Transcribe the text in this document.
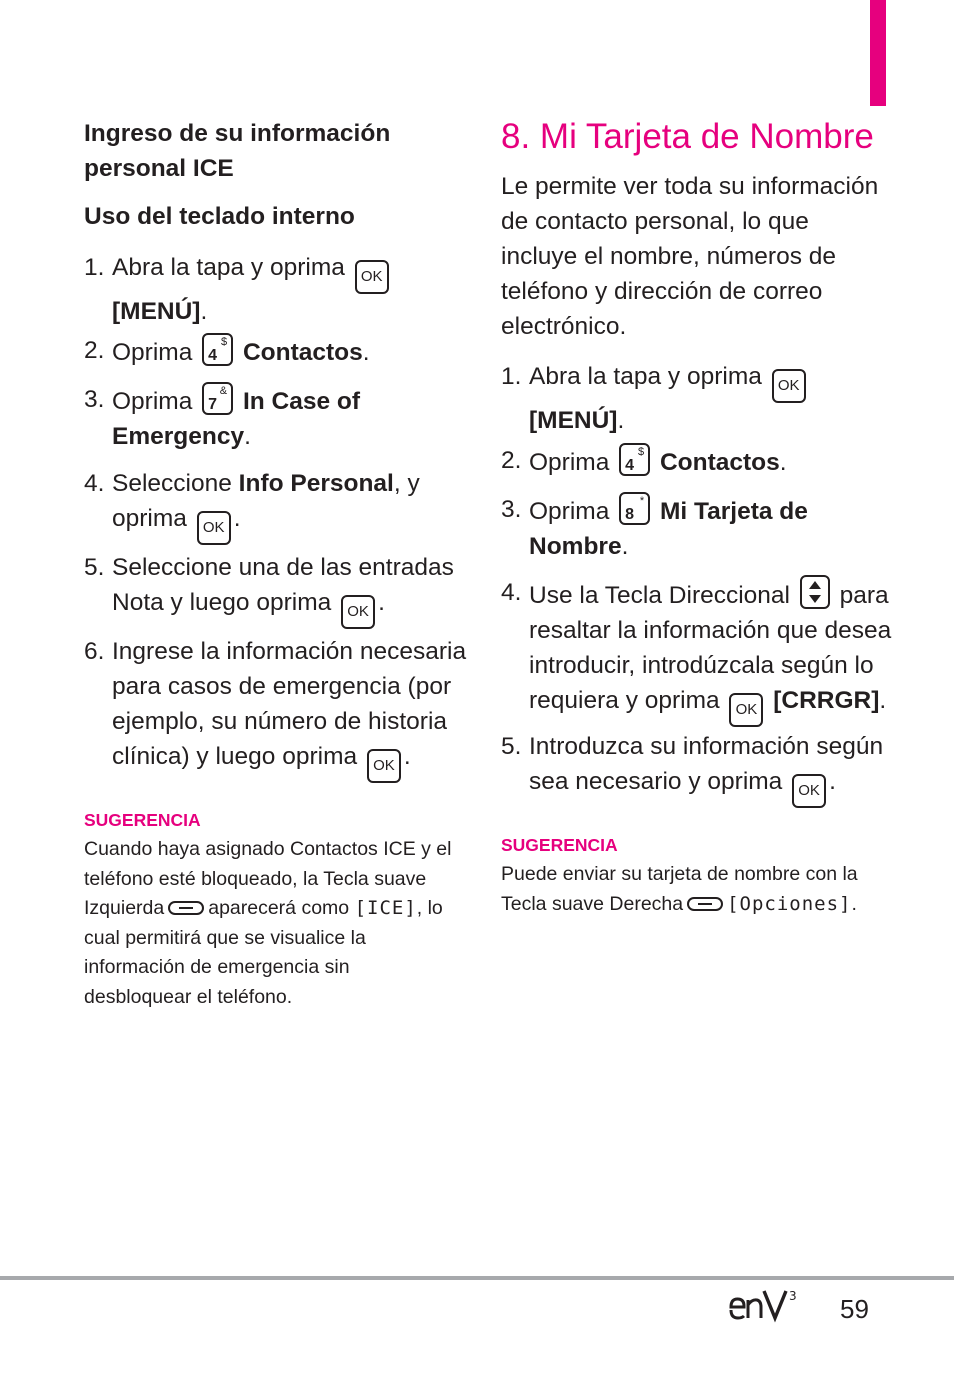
Ingreso de su información personal ICE

Uso del teclado interno

1. Abra la tapa y oprima OK
[MENÚ].
2. Oprima 4
$ Contactos.
3. Oprima 7
& In Case of
Emergency.
4. Seleccione Info Personal, y
oprima OK .
5. Seleccione una de las entradas
Nota y luego oprima OK .
6. Ingrese la información necesaria
para casos de emergencia (por
ejemplo, su número de historia
clínica) y luego oprima OK .

SUGERENCIA

Cuando haya asignado Contactos ICE y el
teléfono esté bloqueado, la Tecla suave
Izquierda aparecerá como [ICE], lo
cual permitirá que se visualice la
información de emergencia sin
desbloquear el teléfono.

8. Mi Tarjeta de Nombre

Le permite ver toda su información
de contacto personal, lo que
incluye el nombre, números de
teléfono y dirección de correo
electrónico.

1. Abra la tapa y oprima OK
[MENÚ].
2. Oprima 4
$ Contactos.
3. Oprima 8
* Mi Tarjeta de
Nombre.
4. Use la Tecla Direccional para
resaltar la información que desea
introducir, introdúzcala según lo
requiera y oprima OK [CRRGR].
5. Introduzca su información según
sea necesario y oprima OK .

SUGERENCIA

Puede enviar su tarjeta de nombre con la
Tecla suave Derecha [Opciones].

3 59
